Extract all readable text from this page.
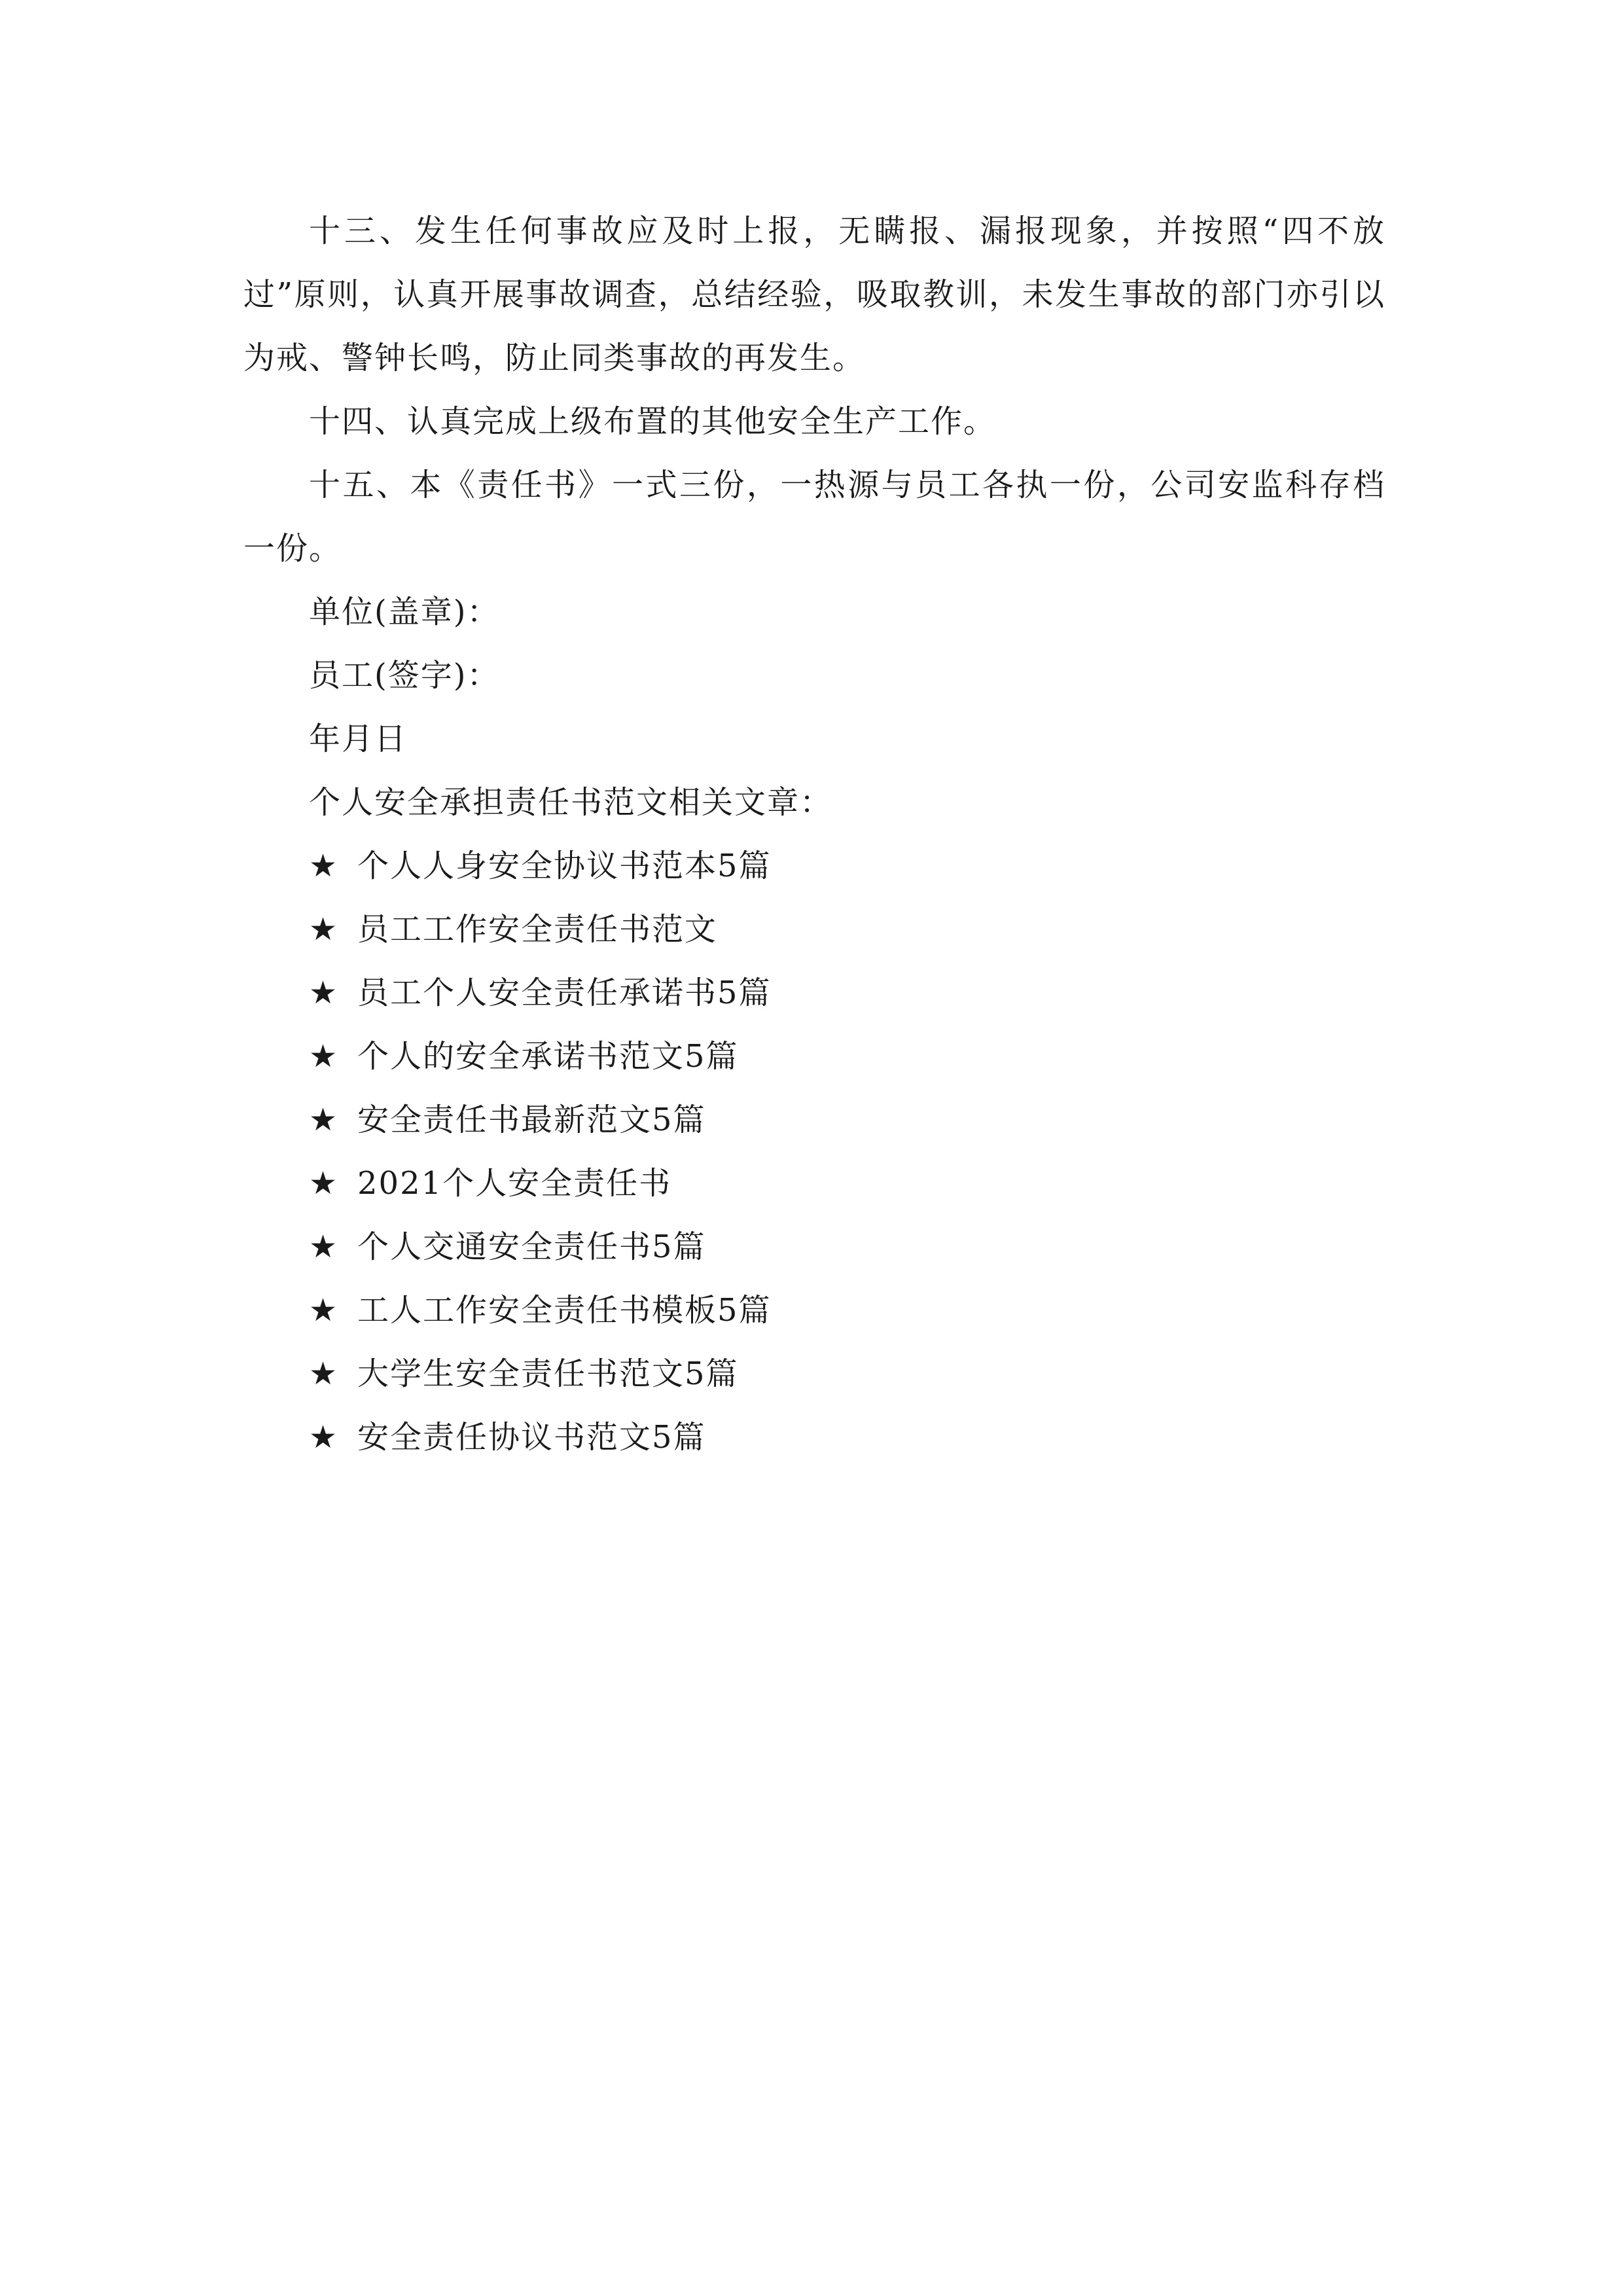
十三、发生任何事故应及时上报，无瞒报、漏报现象，并按照“四不放过”原则，认真开展事故调查，总结经验，吸取教训，未发生事故的部门亦引以为戒、警钟长鸣，防止同类事故的再发生。

十四、认真完成上级布置的其他安全生产工作。

十五、本《责任书》一式三份，一热源与员工各执一份，公司安监科存档一份。

单位(盖章)：

员工(签字)：

年月日

个人安全承担责任书范文相关文章：

★ 个人人身安全协议书范本5篇
★ 员工工作安全责任书范文
★ 员工个人安全责任承诺书5篇
★ 个人的安全承诺书范文5篇
★ 安全责任书最新范文5篇
★ 2021个人安全责任书
★ 个人交通安全责任书5篇
★ 工人工作安全责任书模板5篇
★ 大学生安全责任书范文5篇
★ 安全责任协议书范文5篇
